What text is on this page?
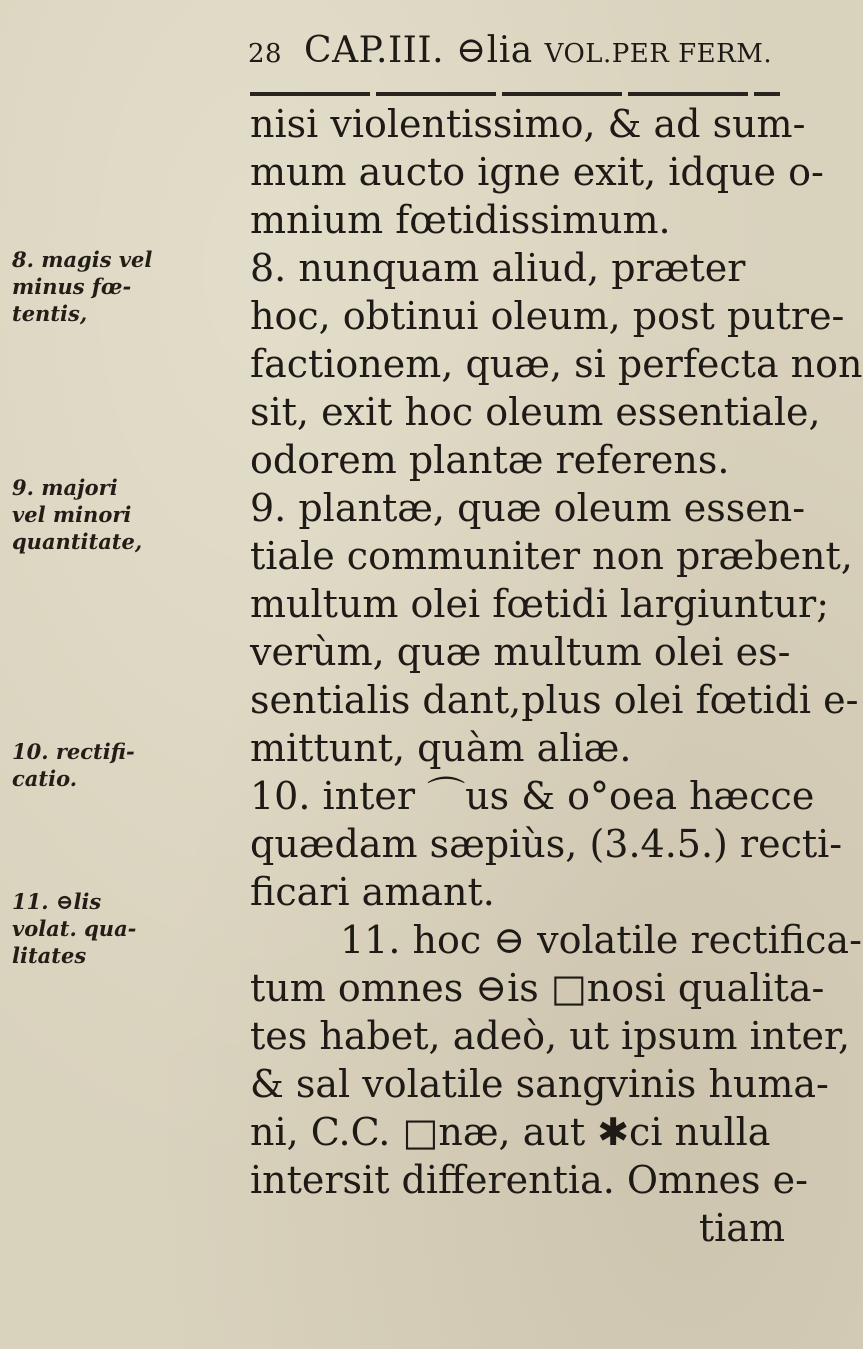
28 CAP.III. ⊖lia VOL.PER FERM.
nisi violentissimo, & ad sum-
mum aucto igne exit, idque o-
mnium fœtidissimum.
8. nunquam aliud, præter
hoc, obtinui oleum, post putre-
factionem, quæ, si perfecta non
sit, exit hoc oleum essentiale,
odorem plantæ referens.
9. plantæ, quæ oleum essen-
tiale communiter non præbent,
multum olei fœtidi largiuntur;
verùm, quæ multum olei es-
sentialis dant,plus olei fœtidi e-
mittunt, quàm aliæ.
10. inter ⌒us & o°oea hæcce
quædam sæpiùs, (3.4.5.) recti-
ficari amant.
11. hoc ⊖ volatile rectifica-
tum omnes ⊖is □nosi qualita-
tes habet, adeò, ut ipsum inter,
& sal volatile sangvinis huma-
ni, C.C. □næ, aut ✱ci nulla
intersit differentia. Omnes e-
tiam
8. magis vel
minus fœ-
tentis,
9. majori
vel minori
quantitate,
10. rectifi-
catio.
11. ⊖lis
volat. qua-
litates
